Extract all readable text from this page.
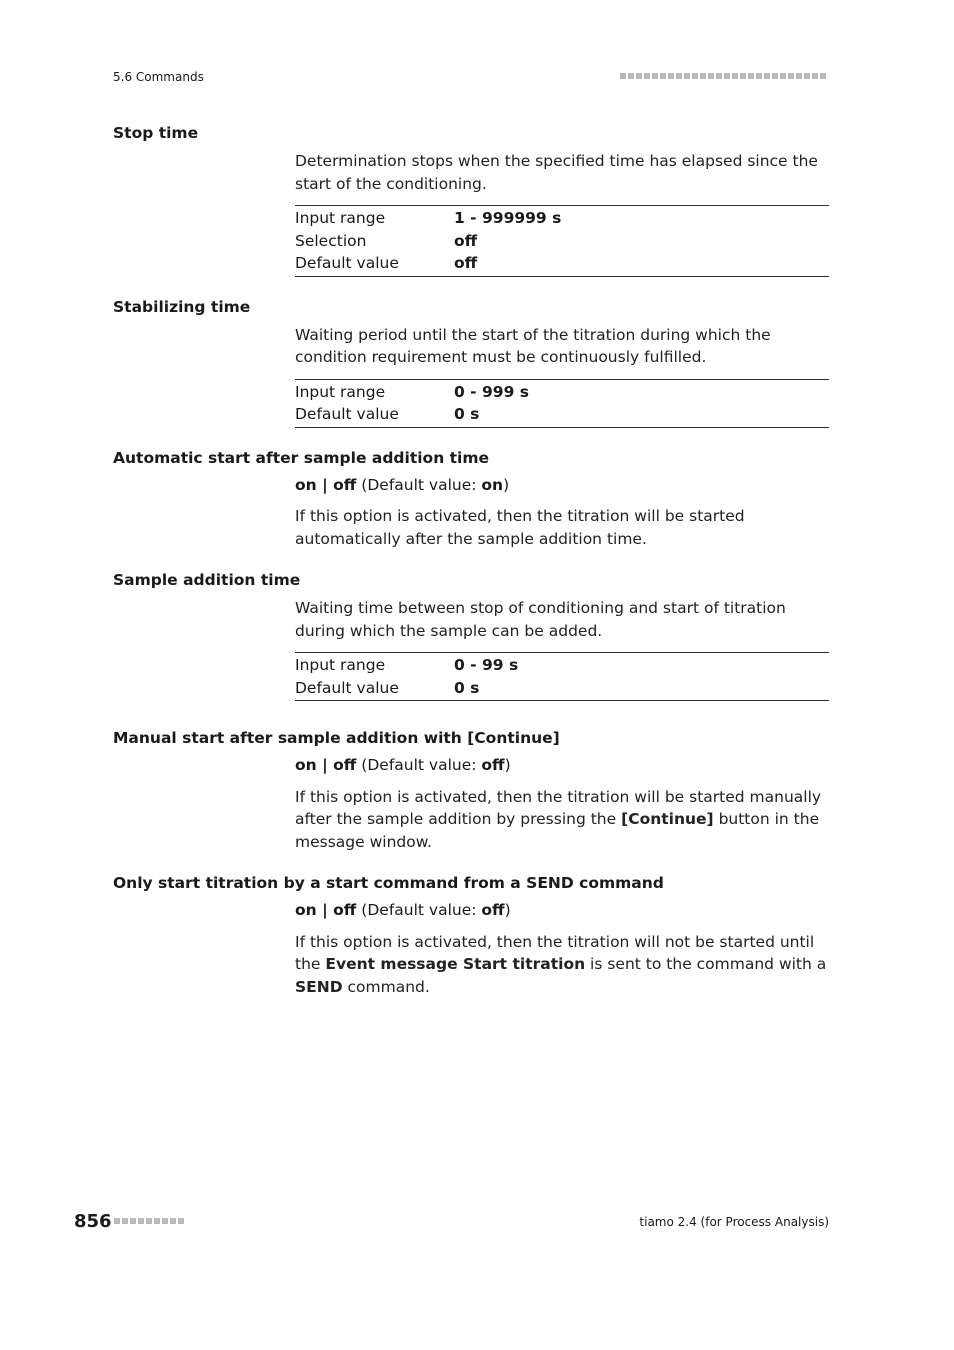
5.6 Commands
Stop time

Determination stops when the specified time has elapsed since the start of the conditioning.

Input range	1 - 999999 s
Selection	off
Default value	off
Stabilizing time

Waiting period until the start of the titration during which the condition requirement must be continuously fulfilled.

Input range	0 - 999 s
Default value	0 s
Automatic start after sample addition time

on | off (Default value: on)

If this option is activated, then the titration will be started automatically after the sample addition time.

Sample addition time

Waiting time between stop of conditioning and start of titration during which the sample can be added.

Input range	0 - 99 s
Default value	0 s
Manual start after sample addition with [Continue]

on | off (Default value: off)

If this option is activated, then the titration will be started manually after the sample addition by pressing the [Continue] button in the message window.

Only start titration by a start command from a SEND command

on | off (Default value: off)

If this option is activated, then the titration will not be started until the Event message Start titration is sent to the command with a SEND command.

856	tiamo 2.4 (for Process Analysis)
